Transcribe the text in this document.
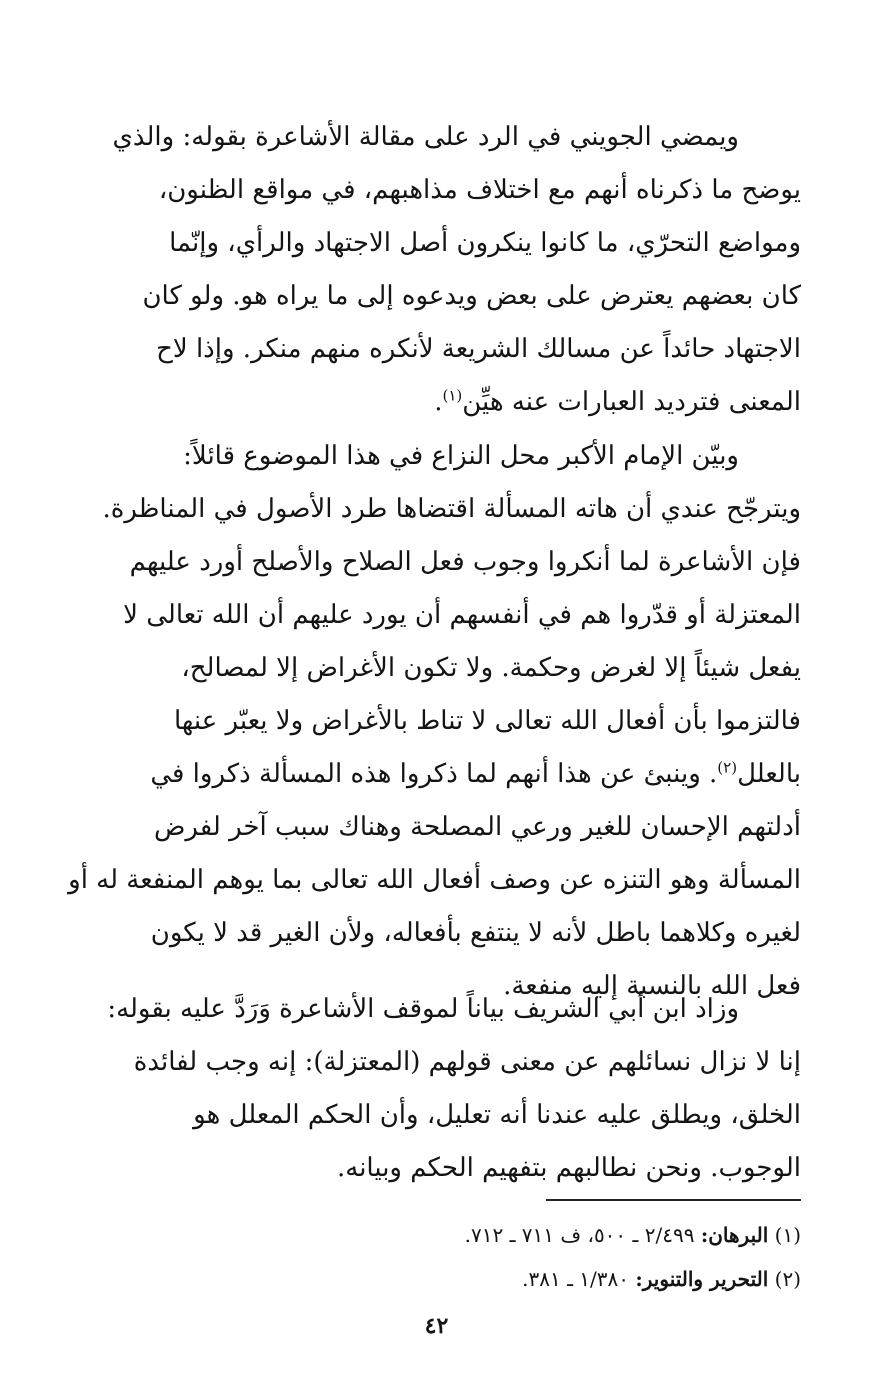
ويمضي الجويني في الرد على مقالة الأشاعرة بقوله: والذي
يوضح ما ذكرناه أنهم مع اختلاف مذاهبهم، في مواقع الظنون،
ومواضع التحرّي، ما كانوا ينكرون أصل الاجتهاد والرأي، وإنّما
كان بعضهم يعترض على بعض ويدعوه إلى ما يراه هو. ولو كان
الاجتهاد حائداً عن مسالك الشريعة لأنكره منهم منكر. وإذا لاح
المعنى فترديد العبارات عنه هيِّن$^{(١)}$.

وبيّن الإمام الأكبر محل النزاع في هذا الموضوع قائلاً:
ويترجّح عندي أن هاته المسألة اقتضاها طرد الأصول في المناظرة.
فإن الأشاعرة لما أنكروا وجوب فعل الصلاح والأصلح أورد عليهم
المعتزلة أو قدّروا هم في أنفسهم أن يورد عليهم أن الله تعالى لا
يفعل شيئاً إلا لغرض وحكمة. ولا تكون الأغراض إلا لمصالح،
فالتزموا بأن أفعال الله تعالى لا تناط بالأغراض ولا يعبّر عنها
بالعلل$^{(٢)}$. وينبئ عن هذا أنهم لما ذكروا هذه المسألة ذكروا في
أدلتهم الإحسان للغير ورعي المصلحة وهناك سبب آخر لفرض
المسألة وهو التنزه عن وصف أفعال الله تعالى بما يوهم المنفعة له أو
لغيره وكلاهما باطل لأنه لا ينتفع بأفعاله، ولأن الغير قد لا يكون
فعل الله بالنسبة إليه منفعة.

وزاد ابن أبي الشريف بياناً لموقف الأشاعرة وَرَدَّ عليه بقوله:
إنا لا نزال نسائلهم عن معنى قولهم (المعتزلة): إنه وجب لفائدة
الخلق، ويطلق عليه عندنا أنه تعليل، وأن الحكم المعلل هو
الوجوب. ونحن نطالبهم بتفهيم الحكم وبيانه.

(١) البرهان: ٢/٤٩٩ ـ ٥٠٠، ف ٧١١ ـ ٧١٢.
(٢) التحرير والتنوير: ١/٣٨٠ ـ ٣٨١.
٤٢
